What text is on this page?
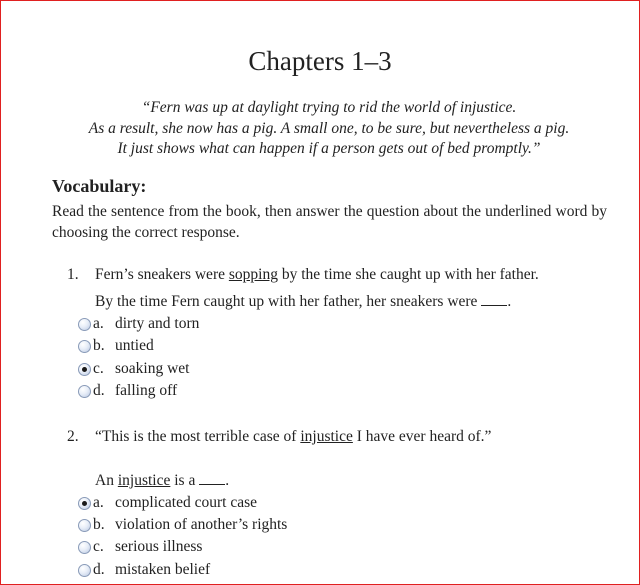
Chapters 1–3
“Fern was up at daylight trying to rid the world of injustice.
As a result, she now has a pig. A small one, to be sure, but nevertheless a pig.
It just shows what can happen if a person gets out of bed promptly.”
Vocabulary:
Read the sentence from the book, then answer the question about the underlined word by choosing the correct response.
1. Fern’s sneakers were sopping by the time she caught up with her father.
By the time Fern caught up with her father, her sneakers were .
a. dirty and torn
b. untied
c. soaking wet
d. falling off
2. “This is the most terrible case of injustice I have ever heard of.”
An injustice is a .
a. complicated court case
b. violation of another’s rights
c. serious illness
d. mistaken belief
